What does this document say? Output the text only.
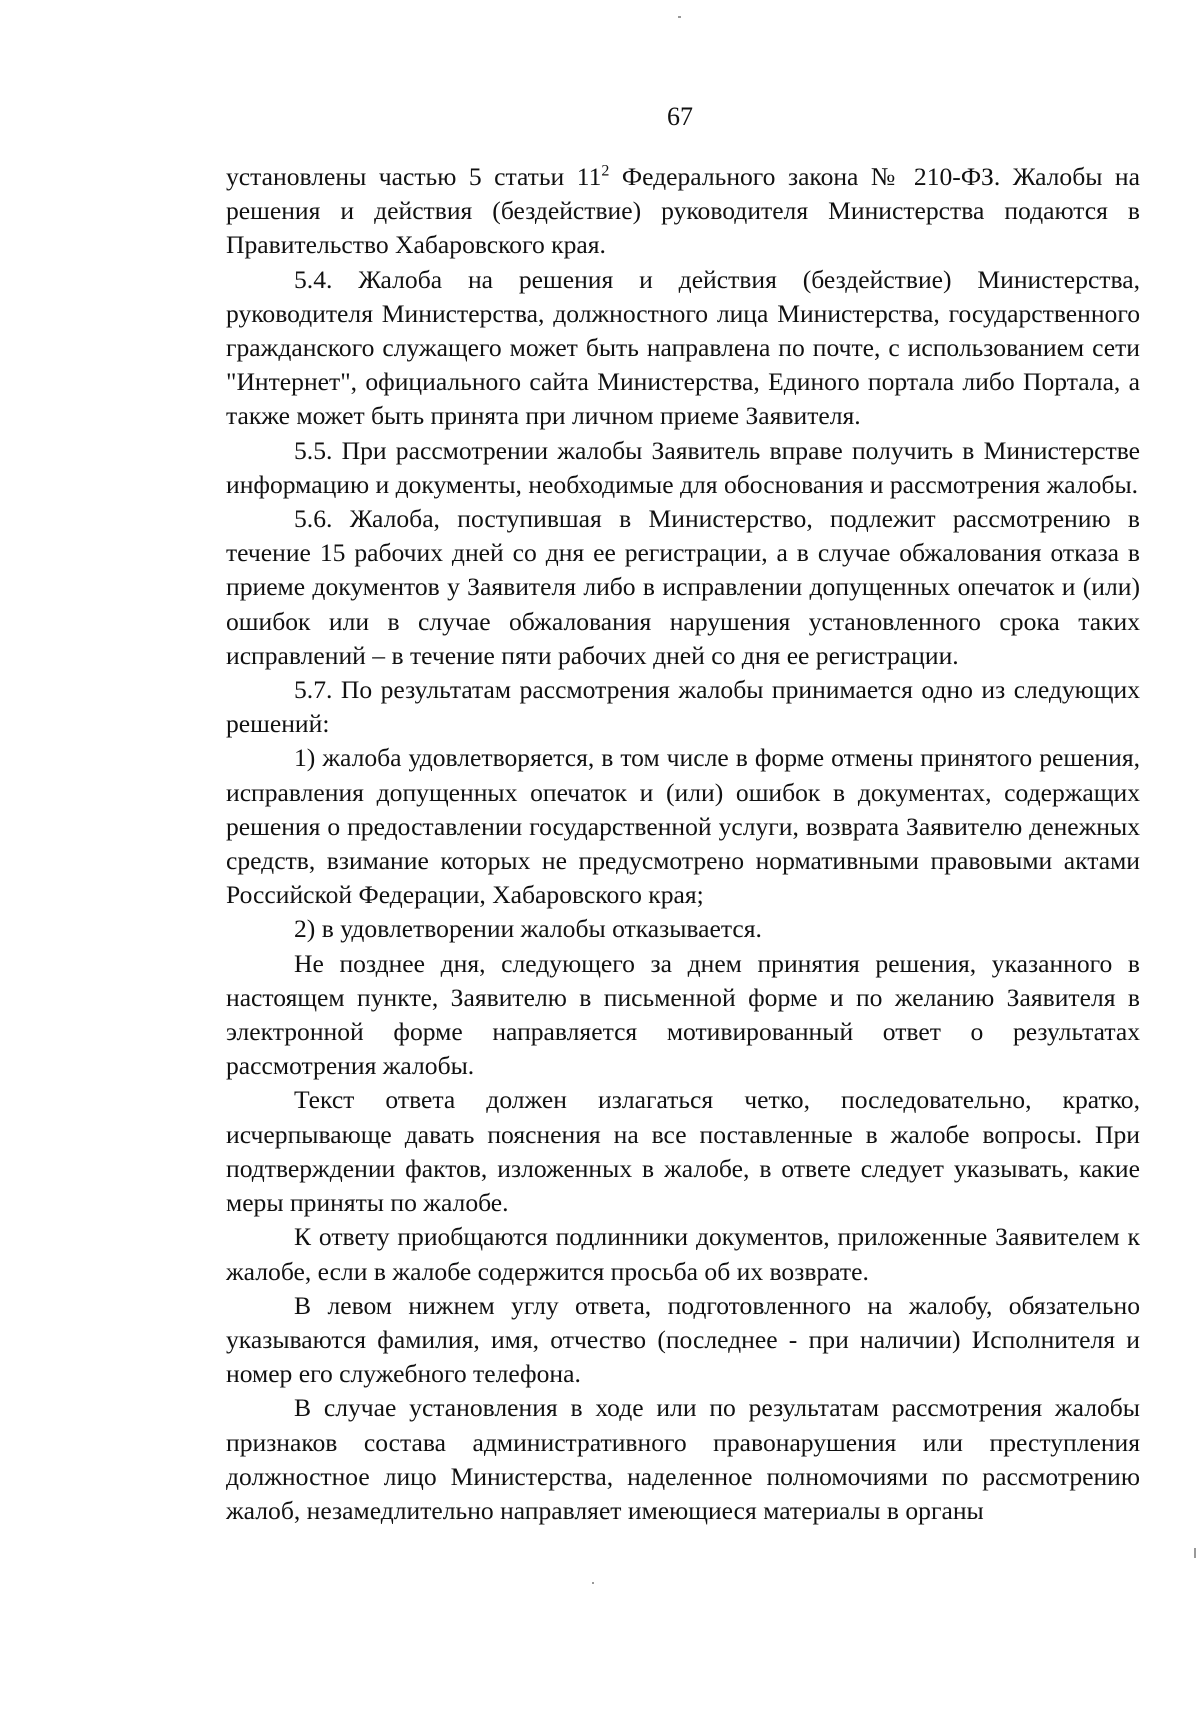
67

установлены частью 5 статьи $11^2$ Федерального закона № 210-ФЗ. Жалобы на решения и действия (бездействие) руководителя Министерства подаются в Правительство Хабаровского края.

5.4. Жалоба на решения и действия (бездействие) Министерства, руководителя Министерства, должностного лица Министерства, государственного гражданского служащего может быть направлена по почте, с использованием сети "Интернет", официального сайта Министерства, Единого портала либо Портала, а также может быть принята при личном приеме Заявителя.

5.5. При рассмотрении жалобы Заявитель вправе получить в Министерстве информацию и документы, необходимые для обоснования и рассмотрения жалобы.

5.6. Жалоба, поступившая в Министерство, подлежит рассмотрению в течение 15 рабочих дней со дня ее регистрации, а в случае обжалования отказа в приеме документов у Заявителя либо в исправлении допущенных опечаток и (или) ошибок или в случае обжалования нарушения установленного срока таких исправлений – в течение пяти рабочих дней со дня ее регистрации.

5.7. По результатам рассмотрения жалобы принимается одно из следующих решений:

1) жалоба удовлетворяется, в том числе в форме отмены принятого решения, исправления допущенных опечаток и (или) ошибок в документах, содержащих решения о предоставлении государственной услуги, возврата Заявителю денежных средств, взимание которых не предусмотрено нормативными правовыми актами Российской Федерации, Хабаровского края;

2) в удовлетворении жалобы отказывается.

Не позднее дня, следующего за днем принятия решения, указанного в настоящем пункте, Заявителю в письменной форме и по желанию Заявителя в электронной форме направляется мотивированный ответ о результатах рассмотрения жалобы.

Текст ответа должен излагаться четко, последовательно, кратко, исчерпывающе давать пояснения на все поставленные в жалобе вопросы. При подтверждении фактов, изложенных в жалобе, в ответе следует указывать, какие меры приняты по жалобе.

К ответу приобщаются подлинники документов, приложенные Заявителем к жалобе, если в жалобе содержится просьба об их возврате.

В левом нижнем углу ответа, подготовленного на жалобу, обязательно указываются фамилия, имя, отчество (последнее - при наличии) Исполнителя и номер его служебного телефона.

В случае установления в ходе или по результатам рассмотрения жалобы признаков состава административного правонарушения или преступления должностное лицо Министерства, наделенное полномочиями по рассмотрению жалоб, незамедлительно направляет имеющиеся материалы в органы
